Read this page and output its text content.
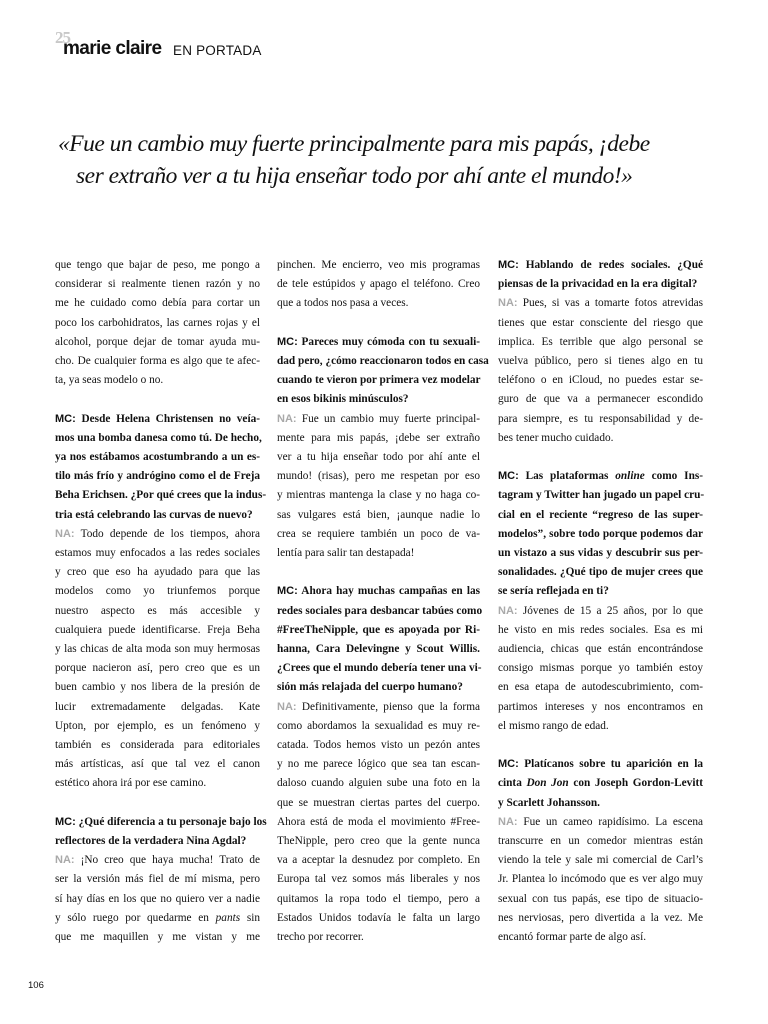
25
marie claire EN PORTADA
«Fue un cambio muy fuerte principalmente para mis papás, ¡debe
ser extraño ver a tu hija enseñar todo por ahí ante el mundo!»
que tengo que bajar de peso, me pongo a
considerar si realmente tienen razón y no
me he cuidado como debía para cortar un
poco los carbohidratos, las carnes rojas y el
alcohol, porque dejar de tomar ayuda mu-
cho. De cualquier forma es algo que te afec-
ta, ya seas modelo o no.
MC: Desde Helena Christensen no veía-
mos una bomba danesa como tú. De hecho,
ya nos estábamos acostumbrando a un es-
tilo más frío y andrógino como el de Freja
Beha Erichsen. ¿Por qué crees que la indus-
tria está celebrando las curvas de nuevo?
NA: Todo depende de los tiempos, ahora
estamos muy enfocados a las redes sociales
y creo que eso ha ayudado para que las
modelos como yo triunfemos porque
nuestro aspecto es más accesible y
cualquiera puede identificarse. Freja Beha
y las chicas de alta moda son muy hermosas
porque nacieron así, pero creo que es un
buen cambio y nos libera de la presión de
lucir extremadamente delgadas. Kate
Upton, por ejemplo, es un fenómeno y
también es considerada para editoriales
más artísticas, así que tal vez el canon
estético ahora irá por ese camino.
MC: ¿Qué diferencia a tu personaje bajo los
reflectores de la verdadera Nina Agdal?
NA: ¡No creo que haya mucha! Trato de
ser la versión más fiel de mí misma, pero
sí hay días en los que no quiero ver a nadie
y sólo ruego por quedarme en pants sin
que me maquillen y me vistan y me
pinchen. Me encierro, veo mis programas
de tele estúpidos y apago el teléfono. Creo
que a todos nos pasa a veces.
MC: Pareces muy cómoda con tu sexuali-
dad pero, ¿cómo reaccionaron todos en casa
cuando te vieron por primera vez modelar
en esos bikinis minúsculos?
NA: Fue un cambio muy fuerte principal-
mente para mis papás, ¡debe ser extraño
ver a tu hija enseñar todo por ahí ante el
mundo! (risas), pero me respetan por eso
y mientras mantenga la clase y no haga co-
sas vulgares está bien, ¡aunque nadie lo
crea se requiere también un poco de va-
lentía para salir tan destapada!
MC: Ahora hay muchas campañas en las
redes sociales para desbancar tabúes como
#FreeTheNipple, que es apoyada por Ri-
hanna, Cara Delevingne y Scout Willis.
¿Crees que el mundo debería tener una vi-
sión más relajada del cuerpo humano?
NA: Definitivamente, pienso que la forma
como abordamos la sexualidad es muy re-
catada. Todos hemos visto un pezón antes
y no me parece lógico que sea tan escan-
daloso cuando alguien sube una foto en la
que se muestran ciertas partes del cuerpo.
Ahora está de moda el movimiento #Free-
TheNipple, pero creo que la gente nunca
va a aceptar la desnudez por completo. En
Europa tal vez somos más liberales y nos
quitamos la ropa todo el tiempo, pero a
Estados Unidos todavía le falta un largo
trecho por recorrer.
MC: Hablando de redes sociales. ¿Qué
piensas de la privacidad en la era digital?
NA: Pues, si vas a tomarte fotos atrevidas
tienes que estar consciente del riesgo que
implica. Es terrible que algo personal se
vuelva público, pero si tienes algo en tu
teléfono o en iCloud, no puedes estar se-
guro de que va a permanecer escondido
para siempre, es tu responsabilidad y de-
bes tener mucho cuidado.
MC: Las plataformas online como Ins-
tagram y Twitter han jugado un papel cru-
cial en el reciente “regreso de las super-
modelos”, sobre todo porque podemos dar
un vistazo a sus vidas y descubrir sus per-
sonalidades. ¿Qué tipo de mujer crees que
se sería reflejada en ti?
NA: Jóvenes de 15 a 25 años, por lo que
he visto en mis redes sociales. Esa es mi
audiencia, chicas que están encontrándose
consigo mismas porque yo también estoy
en esa etapa de autodescubrimiento, com-
partimos intereses y nos encontramos en
el mismo rango de edad.
MC: Platícanos sobre tu aparición en la
cinta Don Jon con Joseph Gordon-Levitt
y Scarlett Johansson.
NA: Fue un cameo rapidísimo. La escena
transcurre en un comedor mientras están
viendo la tele y sale mi comercial de Carl’s
Jr. Plantea lo incómodo que es ver algo muy
sexual con tus papás, ese tipo de situacio-
nes nerviosas, pero divertida a la vez. Me
encantó formar parte de algo así.
106
